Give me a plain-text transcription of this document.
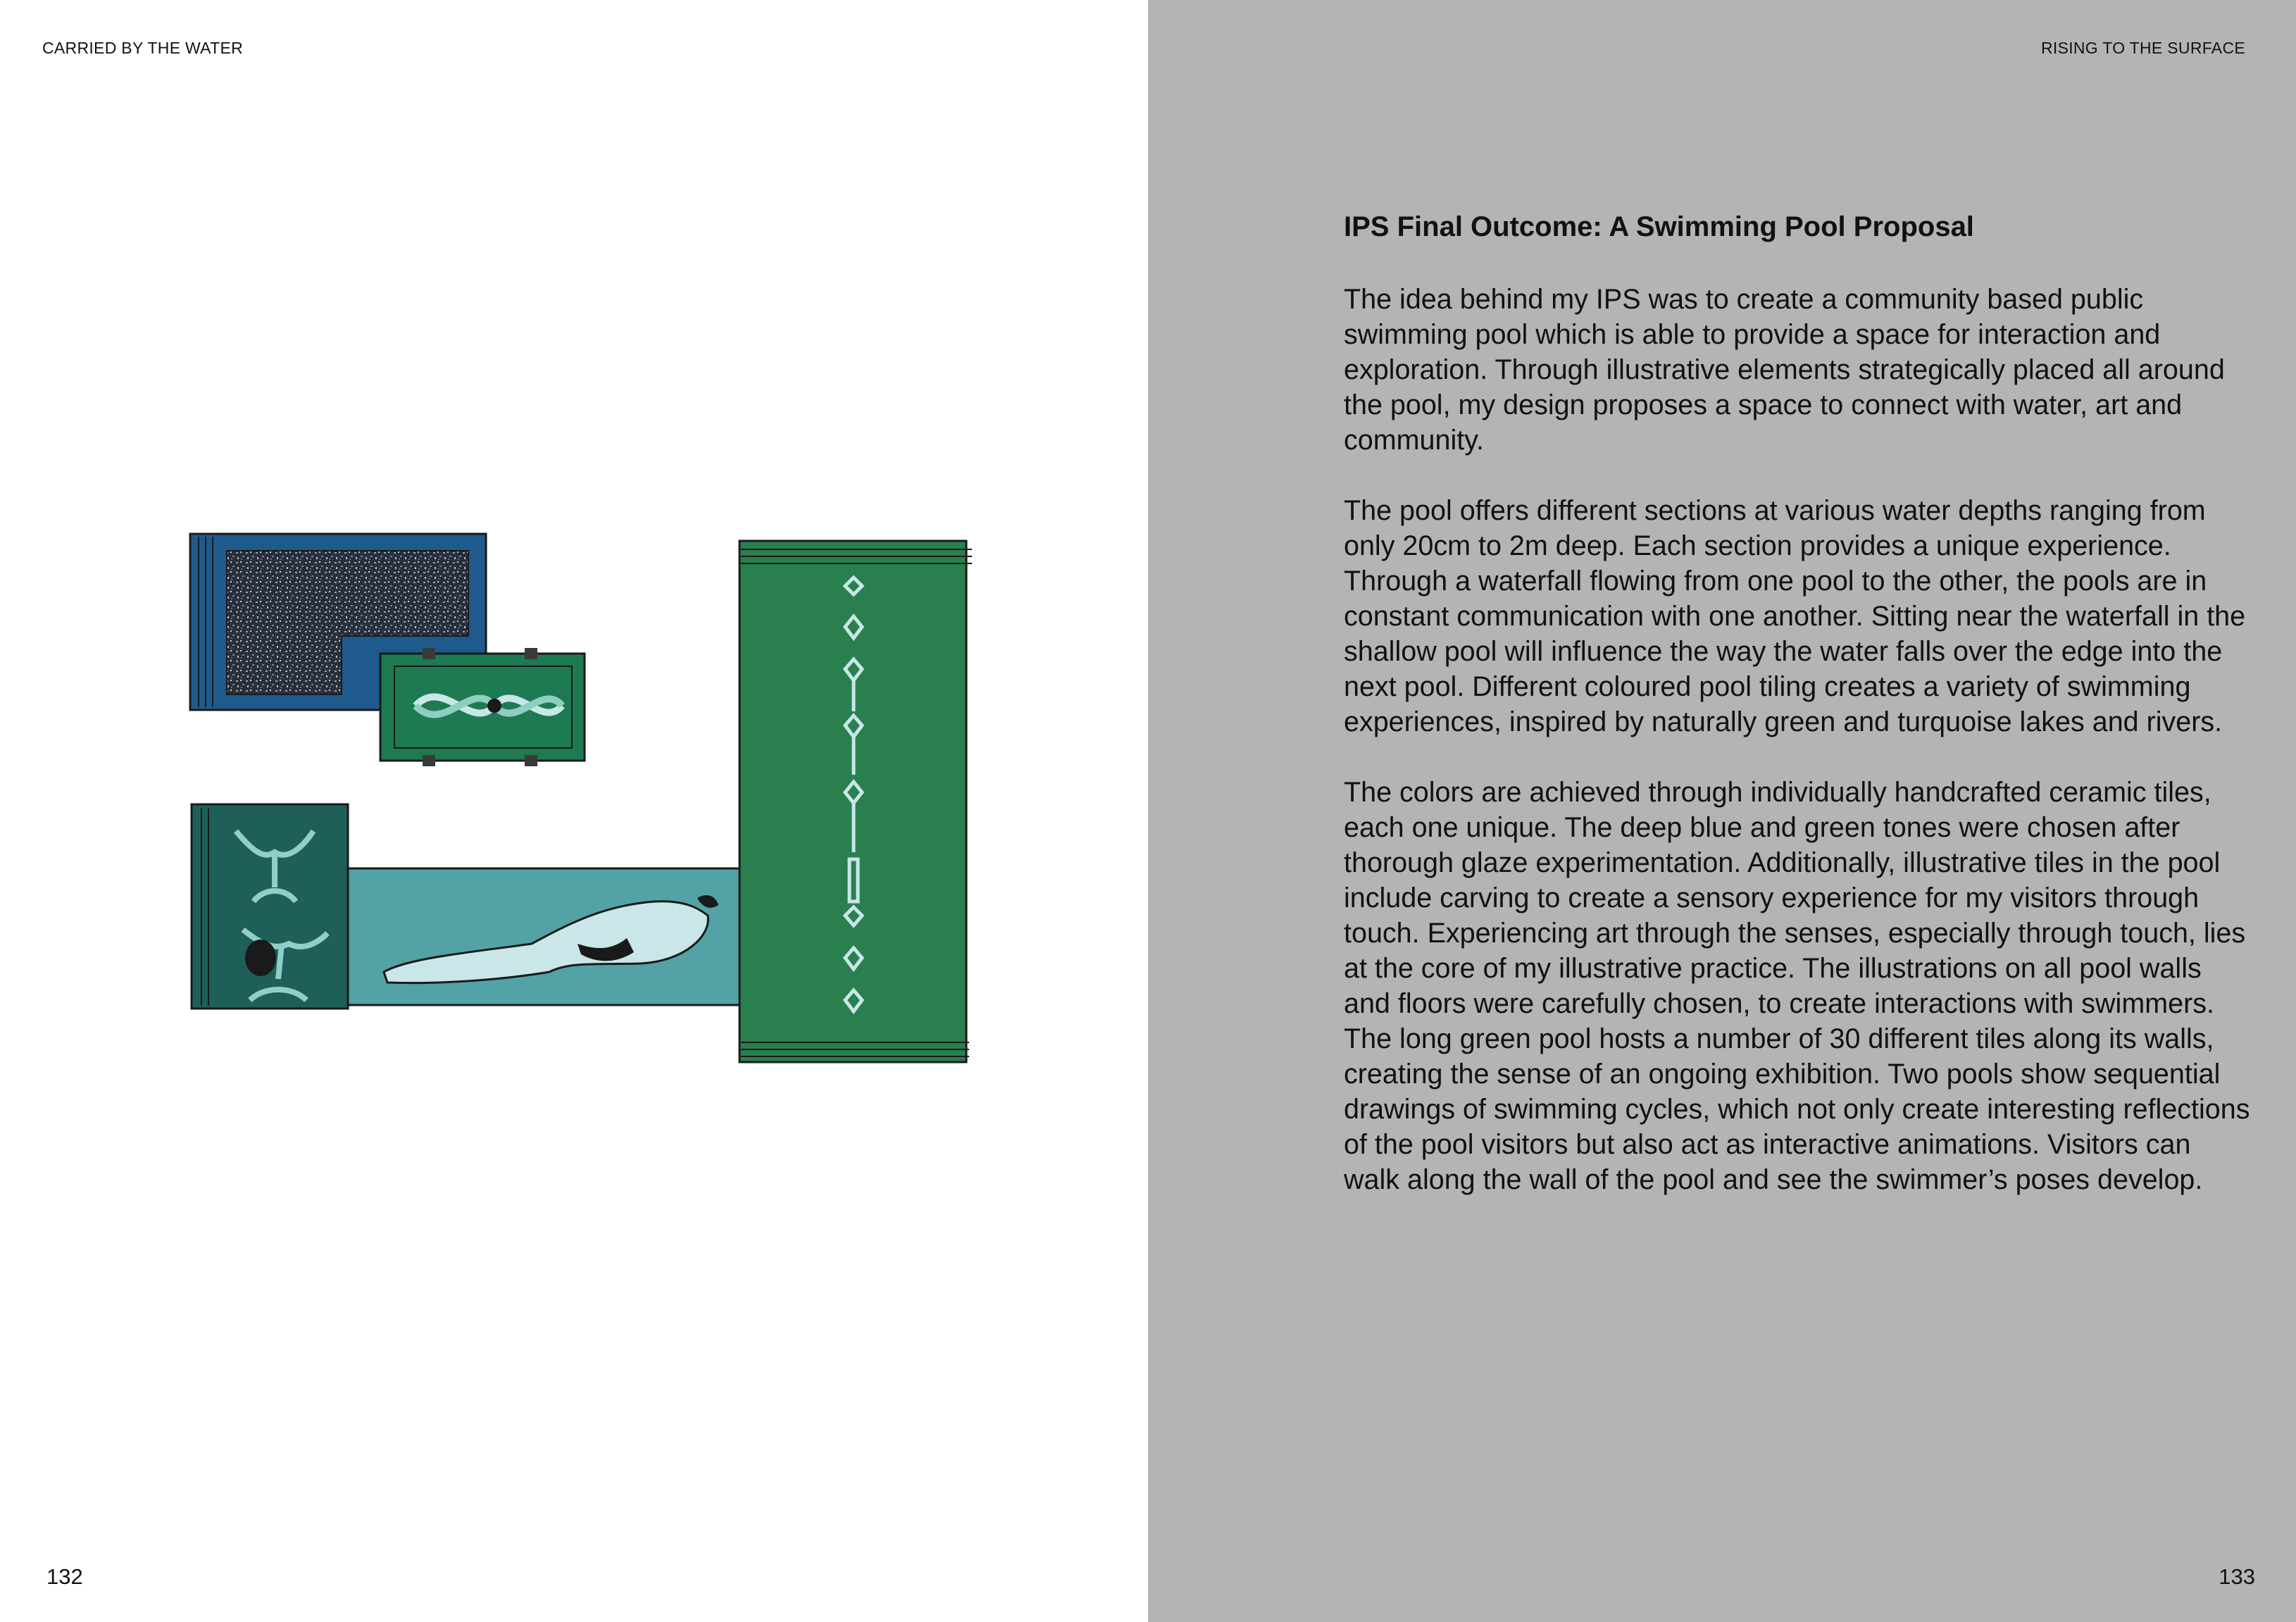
CARRIED BY THE WATER
132
RISING TO THE SURFACE
IPS Final Outcome: A Swimming Pool Proposal

The idea behind my IPS was to create a community based public swimming pool which is able to provide a space for interaction and exploration. Through illustrative elements strategically placed all around the pool, my design proposes a space to connect with water, art and community.

The pool offers different sections at various water depths ranging from only 20cm to 2m deep. Each section provides a unique experience. Through a waterfall flowing from one pool to the other, the pools are in constant communication with one another. Sitting near the waterfall in the shallow pool will influence the way the water falls over the edge into the next pool. Different coloured pool tiling creates a variety of swimming experiences, inspired by naturally green and turquoise lakes and rivers.

The colors are achieved through individually handcrafted ceramic tiles, each one unique. The deep blue and green tones were chosen after thorough glaze experimentation. Additionally, illustrative tiles in the pool include carving to create a sensory experience for my visitors through touch. Experiencing art through the senses, especially through touch, lies at the core of my illustrative practice. The illustrations on all pool walls and floors were carefully chosen, to create interactions with swimmers. The long green pool hosts a number of 30 different tiles along its walls, creating the sense of an ongoing exhibition. Two pools show sequential drawings of swimming cycles, which not only create interesting reflections of the pool visitors but also act as interactive animations. Visitors can walk along the wall of the pool and see the swimmer’s poses develop.

133
